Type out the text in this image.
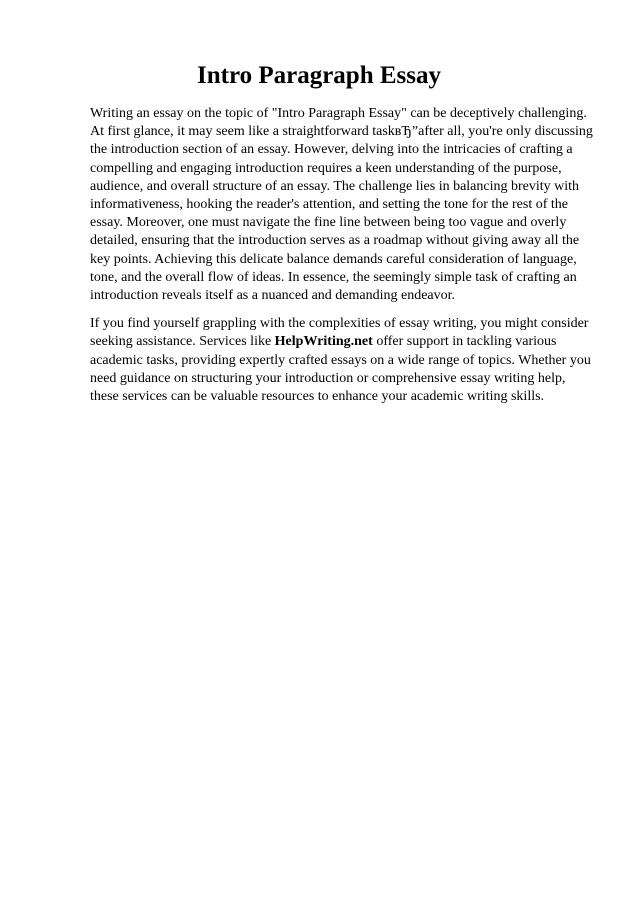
Intro Paragraph Essay

Writing an essay on the topic of "Intro Paragraph Essay" can be deceptively challenging. At first glance, it may seem like a straightforward taskвЂ”after all, you're only discussing the introduction section of an essay. However, delving into the intricacies of crafting a compelling and engaging introduction requires a keen understanding of the purpose, audience, and overall structure of an essay. The challenge lies in balancing brevity with informativeness, hooking the reader's attention, and setting the tone for the rest of the essay. Moreover, one must navigate the fine line between being too vague and overly detailed, ensuring that the introduction serves as a roadmap without giving away all the key points. Achieving this delicate balance demands careful consideration of language, tone, and the overall flow of ideas. In essence, the seemingly simple task of crafting an introduction reveals itself as a nuanced and demanding endeavor.

If you find yourself grappling with the complexities of essay writing, you might consider seeking assistance. Services like HelpWriting.net offer support in tackling various academic tasks, providing expertly crafted essays on a wide range of topics. Whether you need guidance on structuring your introduction or comprehensive essay writing help, these services can be valuable resources to enhance your academic writing skills.
